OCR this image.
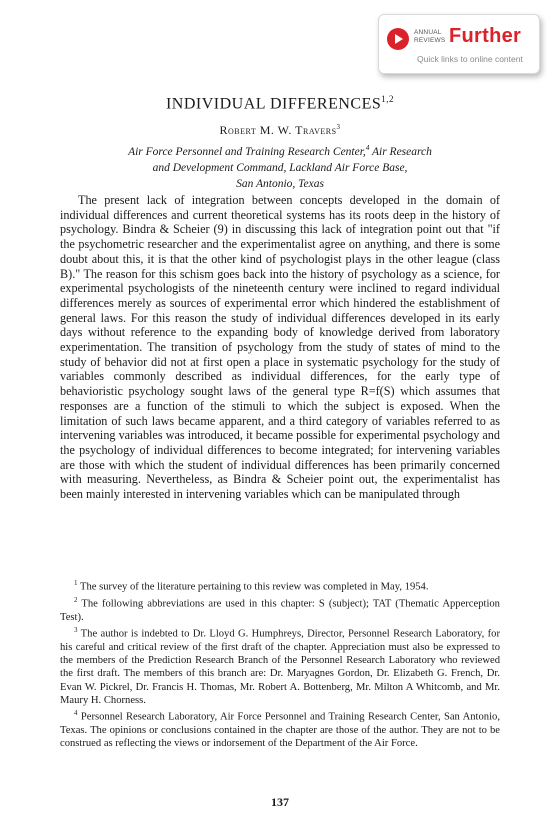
ANNUAL
REVIEWS Further
Quick links to online content
INDIVIDUAL DIFFERENCES$^{1,2}$
Robert M. W. Travers$^3$
Air Force Personnel and Training Research Center,$^4$ Air Research
and Development Command, Lackland Air Force Base,
San Antonio, Texas

The present lack of integration between concepts developed in the domain of individual differences and current theoretical systems has its roots deep in the history of psychology. Bindra & Scheier (9) in discussing this lack of integration point out that "if the psychometric researcher and the experimentalist agree on anything, and there is some doubt about this, it is that the other kind of psychologist plays in the other league (class B)." The reason for this schism goes back into the history of psychology as a science, for experimental psychologists of the nineteenth century were inclined to regard individual differences merely as sources of experimental error which hindered the establishment of general laws. For this reason the study of individual differences developed in its early days without reference to the expanding body of knowledge derived from laboratory experimentation. The transition of psychology from the study of states of mind to the study of behavior did not at first open a place in systematic psychology for the study of variables commonly described as individual differences, for the early type of behavioristic psychology sought laws of the general type R=f(S) which assumes that responses are a function of the stimuli to which the subject is exposed. When the limitation of such laws became apparent, and a third category of variables referred to as intervening variables was introduced, it became possible for experimental psychology and the psychology of individual differences to become integrated; for intervening variables are those with which the student of individual differences has been primarily concerned with measuring. Nevertheless, as Bindra & Scheier point out, the experimentalist has been mainly interested in intervening variables which can be manipulated through

$^1$ The survey of the literature pertaining to this review was completed in May, 1954.

$^2$ The following abbreviations are used in this chapter: S (subject); TAT (Thematic Apperception Test).

$^3$ The author is indebted to Dr. Lloyd G. Humphreys, Director, Personnel Research Laboratory, for his careful and critical review of the first draft of the chapter. Appreciation must also be expressed to the members of the Prediction Research Branch of the Personnel Research Laboratory who reviewed the first draft. The members of this branch are: Dr. Maryagnes Gordon, Dr. Elizabeth G. French, Dr. Evan W. Pickrel, Dr. Francis H. Thomas, Mr. Robert A. Bottenberg, Mr. Milton A Whitcomb, and Mr. Maury H. Chorness.

$^4$ Personnel Research Laboratory, Air Force Personnel and Training Research Center, San Antonio, Texas. The opinions or conclusions contained in the chapter are those of the author. They are not to be construed as reflecting the views or indorsement of the Department of the Air Force.

137
